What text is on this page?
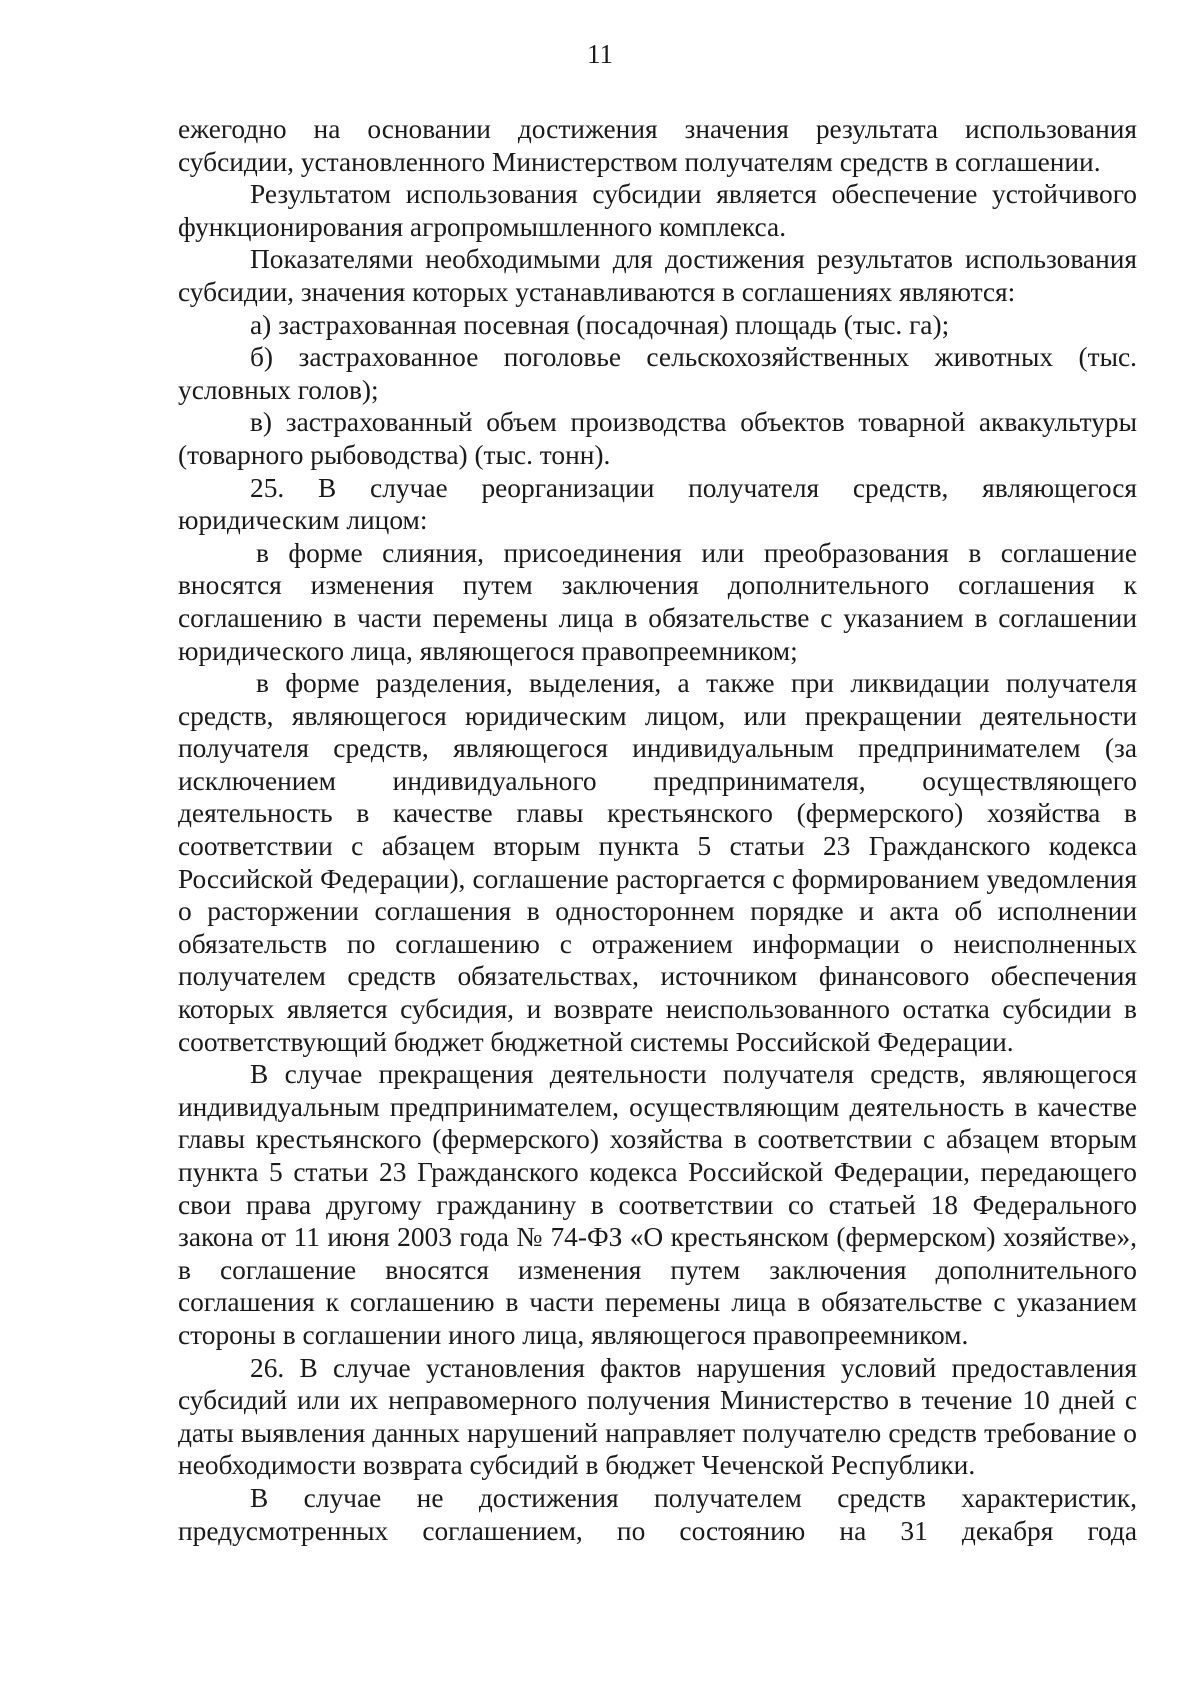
11

ежегодно на основании достижения значения результата использования субсидии, установленного Министерством получателям средств в соглашении.

Результатом использования субсидии является обеспечение устойчивого функционирования агропромышленного комплекса.

Показателями необходимыми для достижения результатов использования субсидии, значения которых устанавливаются в соглашениях являются:

а) застрахованная посевная (посадочная) площадь (тыс. га);

б) застрахованное поголовье сельскохозяйственных животных (тыс. условных голов);

в) застрахованный объем производства объектов товарной аквакультуры (товарного рыбоводства) (тыс. тонн).

25. В случае реорганизации получателя средств, являющегося юридическим лицом:

в форме слияния, присоединения или преобразования в соглашение вносятся изменения путем заключения дополнительного соглашения к соглашению в части перемены лица в обязательстве с указанием в соглашении юридического лица, являющегося правопреемником;

в форме разделения, выделения, а также при ликвидации получателя средств, являющегося юридическим лицом, или прекращении деятельности получателя средств, являющегося индивидуальным предпринимателем (за исключением индивидуального предпринимателя, осуществляющего деятельность в качестве главы крестьянского (фермерского) хозяйства в соответствии с абзацем вторым пункта 5 статьи 23 Гражданского кодекса Российской Федерации), соглашение расторгается с формированием уведомления о расторжении соглашения в одностороннем порядке и акта об исполнении обязательств по соглашению с отражением информации о неисполненных получателем средств обязательствах, источником финансового обеспечения которых является субсидия, и возврате неиспользованного остатка субсидии в соответствующий бюджет бюджетной системы Российской Федерации.

В случае прекращения деятельности получателя средств, являющегося индивидуальным предпринимателем, осуществляющим деятельность в качестве главы крестьянского (фермерского) хозяйства в соответствии с абзацем вторым пункта 5 статьи 23 Гражданского кодекса Российской Федерации, передающего свои права другому гражданину в соответствии со статьей 18 Федерального закона от 11 июня 2003 года № 74-ФЗ «О крестьянском (фермерском) хозяйстве», в соглашение вносятся изменения путем заключения дополнительного соглашения к соглашению в части перемены лица в обязательстве с указанием стороны в соглашении иного лица, являющегося правопреемником.

26. В случае установления фактов нарушения условий предоставления субсидий или их неправомерного получения Министерство в течение 10 дней с даты выявления данных нарушений направляет получателю средств требование о необходимости возврата субсидий в бюджет Чеченской Республики.

В случае не достижения получателем средств характеристик, предусмотренных соглашением, по состоянию на 31 декабря года
